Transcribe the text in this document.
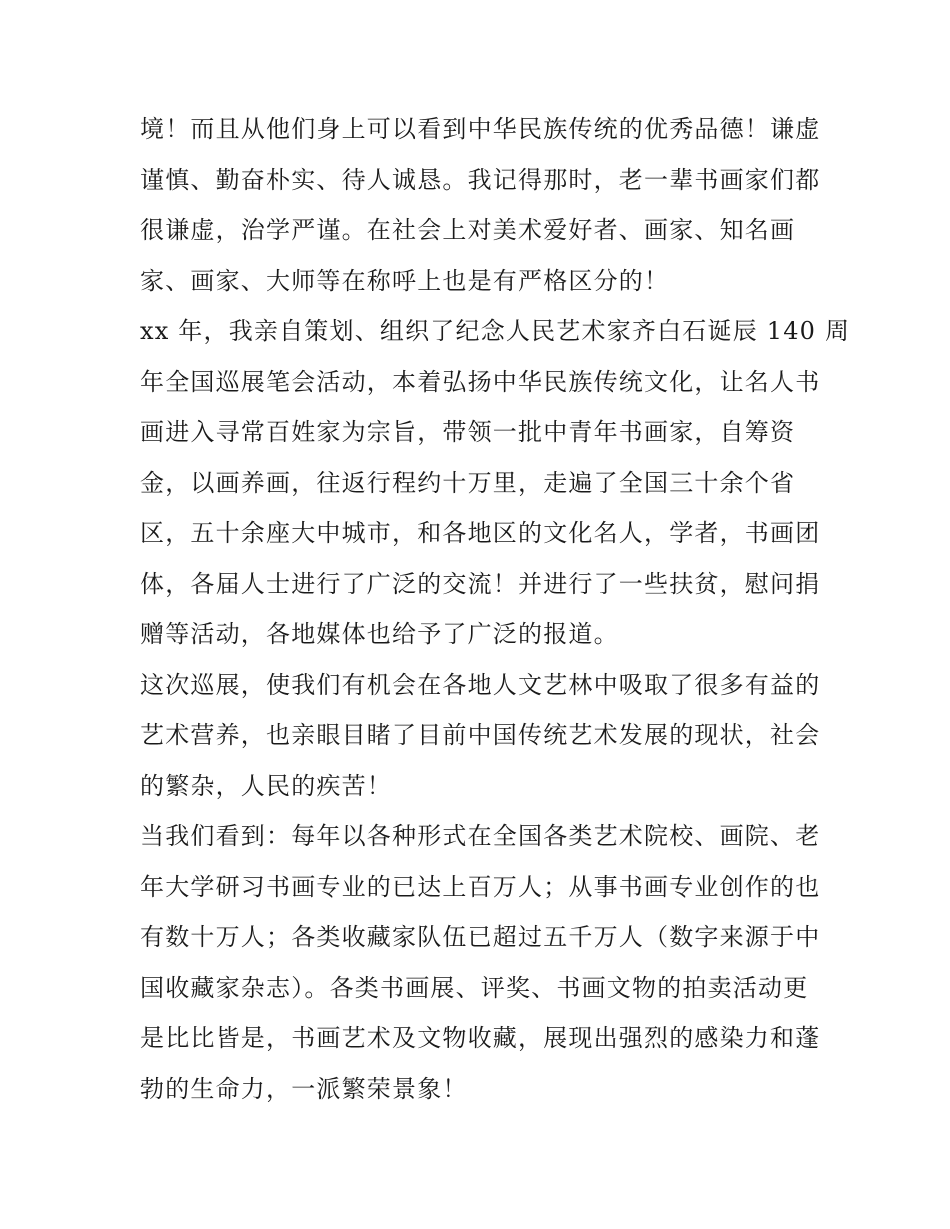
境！而且从他们身上可以看到中华民族传统的优秀品德！谦虚
谨慎、勤奋朴实、待人诚恳。我记得那时，老一辈书画家们都
很谦虚，治学严谨。在社会上对美术爱好者、画家、知名画
家、画家、大师等在称呼上也是有严格区分的！
xx 年，我亲自策划、组织了纪念人民艺术家齐白石诞辰 140 周
年全国巡展笔会活动，本着弘扬中华民族传统文化，让名人书
画进入寻常百姓家为宗旨，带领一批中青年书画家，自筹资
金，以画养画，往返行程约十万里，走遍了全国三十余个省
区，五十余座大中城市，和各地区的文化名人，学者，书画团
体，各届人士进行了广泛的交流！并进行了一些扶贫，慰问捐
赠等活动，各地媒体也给予了广泛的报道。
这次巡展，使我们有机会在各地人文艺林中吸取了很多有益的
艺术营养，也亲眼目睹了目前中国传统艺术发展的现状，社会
的繁杂，人民的疾苦！
当我们看到：每年以各种形式在全国各类艺术院校、画院、老
年大学研习书画专业的已达上百万人；从事书画专业创作的也
有数十万人；各类收藏家队伍已超过五千万人（数字来源于中
国收藏家杂志）。各类书画展、评奖、书画文物的拍卖活动更
是比比皆是，书画艺术及文物收藏，展现出强烈的感染力和蓬
勃的生命力，一派繁荣景象！
